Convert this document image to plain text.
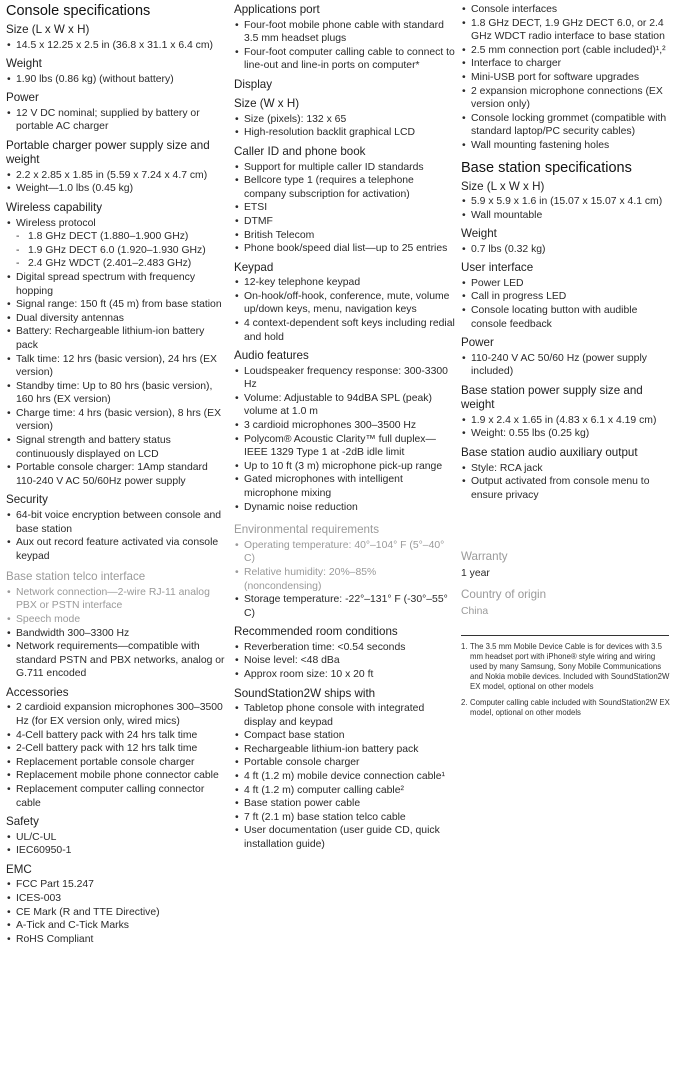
Console specifications
Size (L x W x H)
• 14.5 x 12.25 x 2.5 in (36.8 x 31.1 x 6.4 cm)
Weight
• 1.90 lbs (0.86 kg) (without battery)
Power
• 12 V DC nominal; supplied by battery or portable AC charger
Portable charger power supply size and weight
• 2.2 x 2.85 x 1.85 in (5.59 x 7.24 x 4.7 cm)
• Weight—1.0 lbs (0.45 kg)
Wireless capability
• Wireless protocol
- 1.8 GHz DECT (1.880–1.900 GHz)
- 1.9 GHz DECT 6.0 (1.920–1.930 GHz)
- 2.4 GHz WDCT (2.401–2.483 GHz)
• Digital spread spectrum with frequency hopping
• Signal range: 150 ft (45 m) from base station
• Dual diversity antennas
• Battery: Rechargeable lithium-ion battery pack
• Talk time: 12 hrs (basic version), 24 hrs (EX version)
• Standby time: Up to 80 hrs (basic version), 160 hrs (EX version)
• Charge time: 4 hrs (basic version), 8 hrs (EX version)
• Signal strength and battery status continuously displayed on LCD
• Portable console charger: 1Amp standard 110-240 V AC 50/60Hz power supply
Security
• 64-bit voice encryption between console and base station
• Aux out record feature activated via console keypad
Base station telco interface
• Network connection—2-wire RJ-11 analog PBX or PSTN interface
• Speech mode
• Bandwidth 300–3300 Hz
• Network requirements—compatible with standard PSTN and PBX networks, analog or G.711 encoded
Accessories
• 2 cardioid expansion microphones 300–3500 Hz (for EX version only, wired mics)
• 4-Cell battery pack with 24 hrs talk time
• 2-Cell battery pack with 12 hrs talk time
• Replacement portable console charger
• Replacement mobile phone connector cable
• Replacement computer calling connector cable
Safety
• UL/C-UL
• IEC60950-1
EMC
• FCC Part 15.247
• ICES-003
• CE Mark (R and TTE Directive)
• A-Tick and C-Tick Marks
• RoHS Compliant
Applications port
• Four-foot mobile phone cable with standard 3.5 mm headset plugs
• Four-foot computer calling cable to connect to line-out and line-in ports on computer*
Display
Size (W x H)
• Size (pixels): 132 x 65
• High-resolution backlit graphical LCD
Caller ID and phone book
• Support for multiple caller ID standards
• Bellcore type 1 (requires a telephone company subscription for activation)
• ETSI
• DTMF
• British Telecom
• Phone book/speed dial list—up to 25 entries
Keypad
• 12-key telephone keypad
• On-hook/off-hook, conference, mute, volume up/down keys, menu, navigation keys
• 4 context-dependent soft keys including redial and hold
Audio features
• Loudspeaker frequency response: 300-3300 Hz
• Volume: Adjustable to 94dBA SPL (peak) volume at 1.0 m
• 3 cardioid microphones 300–3500 Hz
• Polycom® Acoustic Clarity™ full duplex—IEEE 1329 Type 1 at -2dB idle limit
• Up to 10 ft (3 m) microphone pick-up range
• Gated microphones with intelligent microphone mixing
• Dynamic noise reduction
Environmental requirements
• Operating temperature: 40°–104° F (5°–40° C)
• Relative humidity: 20%–85% (noncondensing)
• Storage temperature: -22°–131° F (-30°–55° C)
Recommended room conditions
• Reverberation time: <0.54 seconds
• Noise level: <48 dBa
• Approx room size: 10 x 20 ft
SoundStation2W ships with
• Tabletop phone console with integrated display and keypad
• Compact base station
• Rechargeable lithium-ion battery pack
• Portable console charger
• 4 ft (1.2 m) mobile device connection cable¹
• 4 ft (1.2 m) computer calling cable²
• Base station power cable
• 7 ft (2.1 m) base station telco cable
• User documentation (user guide CD, quick installation guide)
• Console interfaces
• 1.8 GHz DECT, 1.9 GHz DECT 6.0, or 2.4 GHz WDCT radio interface to base station
• 2.5 mm connection port (cable included)¹,²
• Interface to charger
• Mini-USB port for software upgrades
• 2 expansion microphone connections (EX version only)
• Console locking grommet (compatible with standard laptop/PC security cables)
• Wall mounting fastening holes
Base station specifications
Size (L x W x H)
• 5.9 x 5.9 x 1.6 in (15.07 x 15.07 x 4.1 cm)
• Wall mountable
Weight
• 0.7 lbs (0.32 kg)
User interface
• Power LED
• Call in progress LED
• Console locating button with audible console feedback
Power
• 110-240 V AC 50/60 Hz (power supply included)
Base station power supply size and weight
• 1.9 x 2.4 x 1.65 in (4.83 x 6.1 x 4.19 cm)
• Weight: 0.55 lbs (0.25 kg)
Base station audio auxiliary output
• Style: RCA jack
• Output activated from console menu to ensure privacy
Warranty
1 year
Country of origin
China
1. The 3.5 mm Mobile Device Cable is for devices with 3.5 mm headset port with iPhone® style wiring and wiring used by many Samsung, Sony Mobile Communications and Nokia mobile devices. Included with SoundStation2W EX model, optional on other models
2. Computer calling cable included with SoundStation2W EX model, optional on other models
